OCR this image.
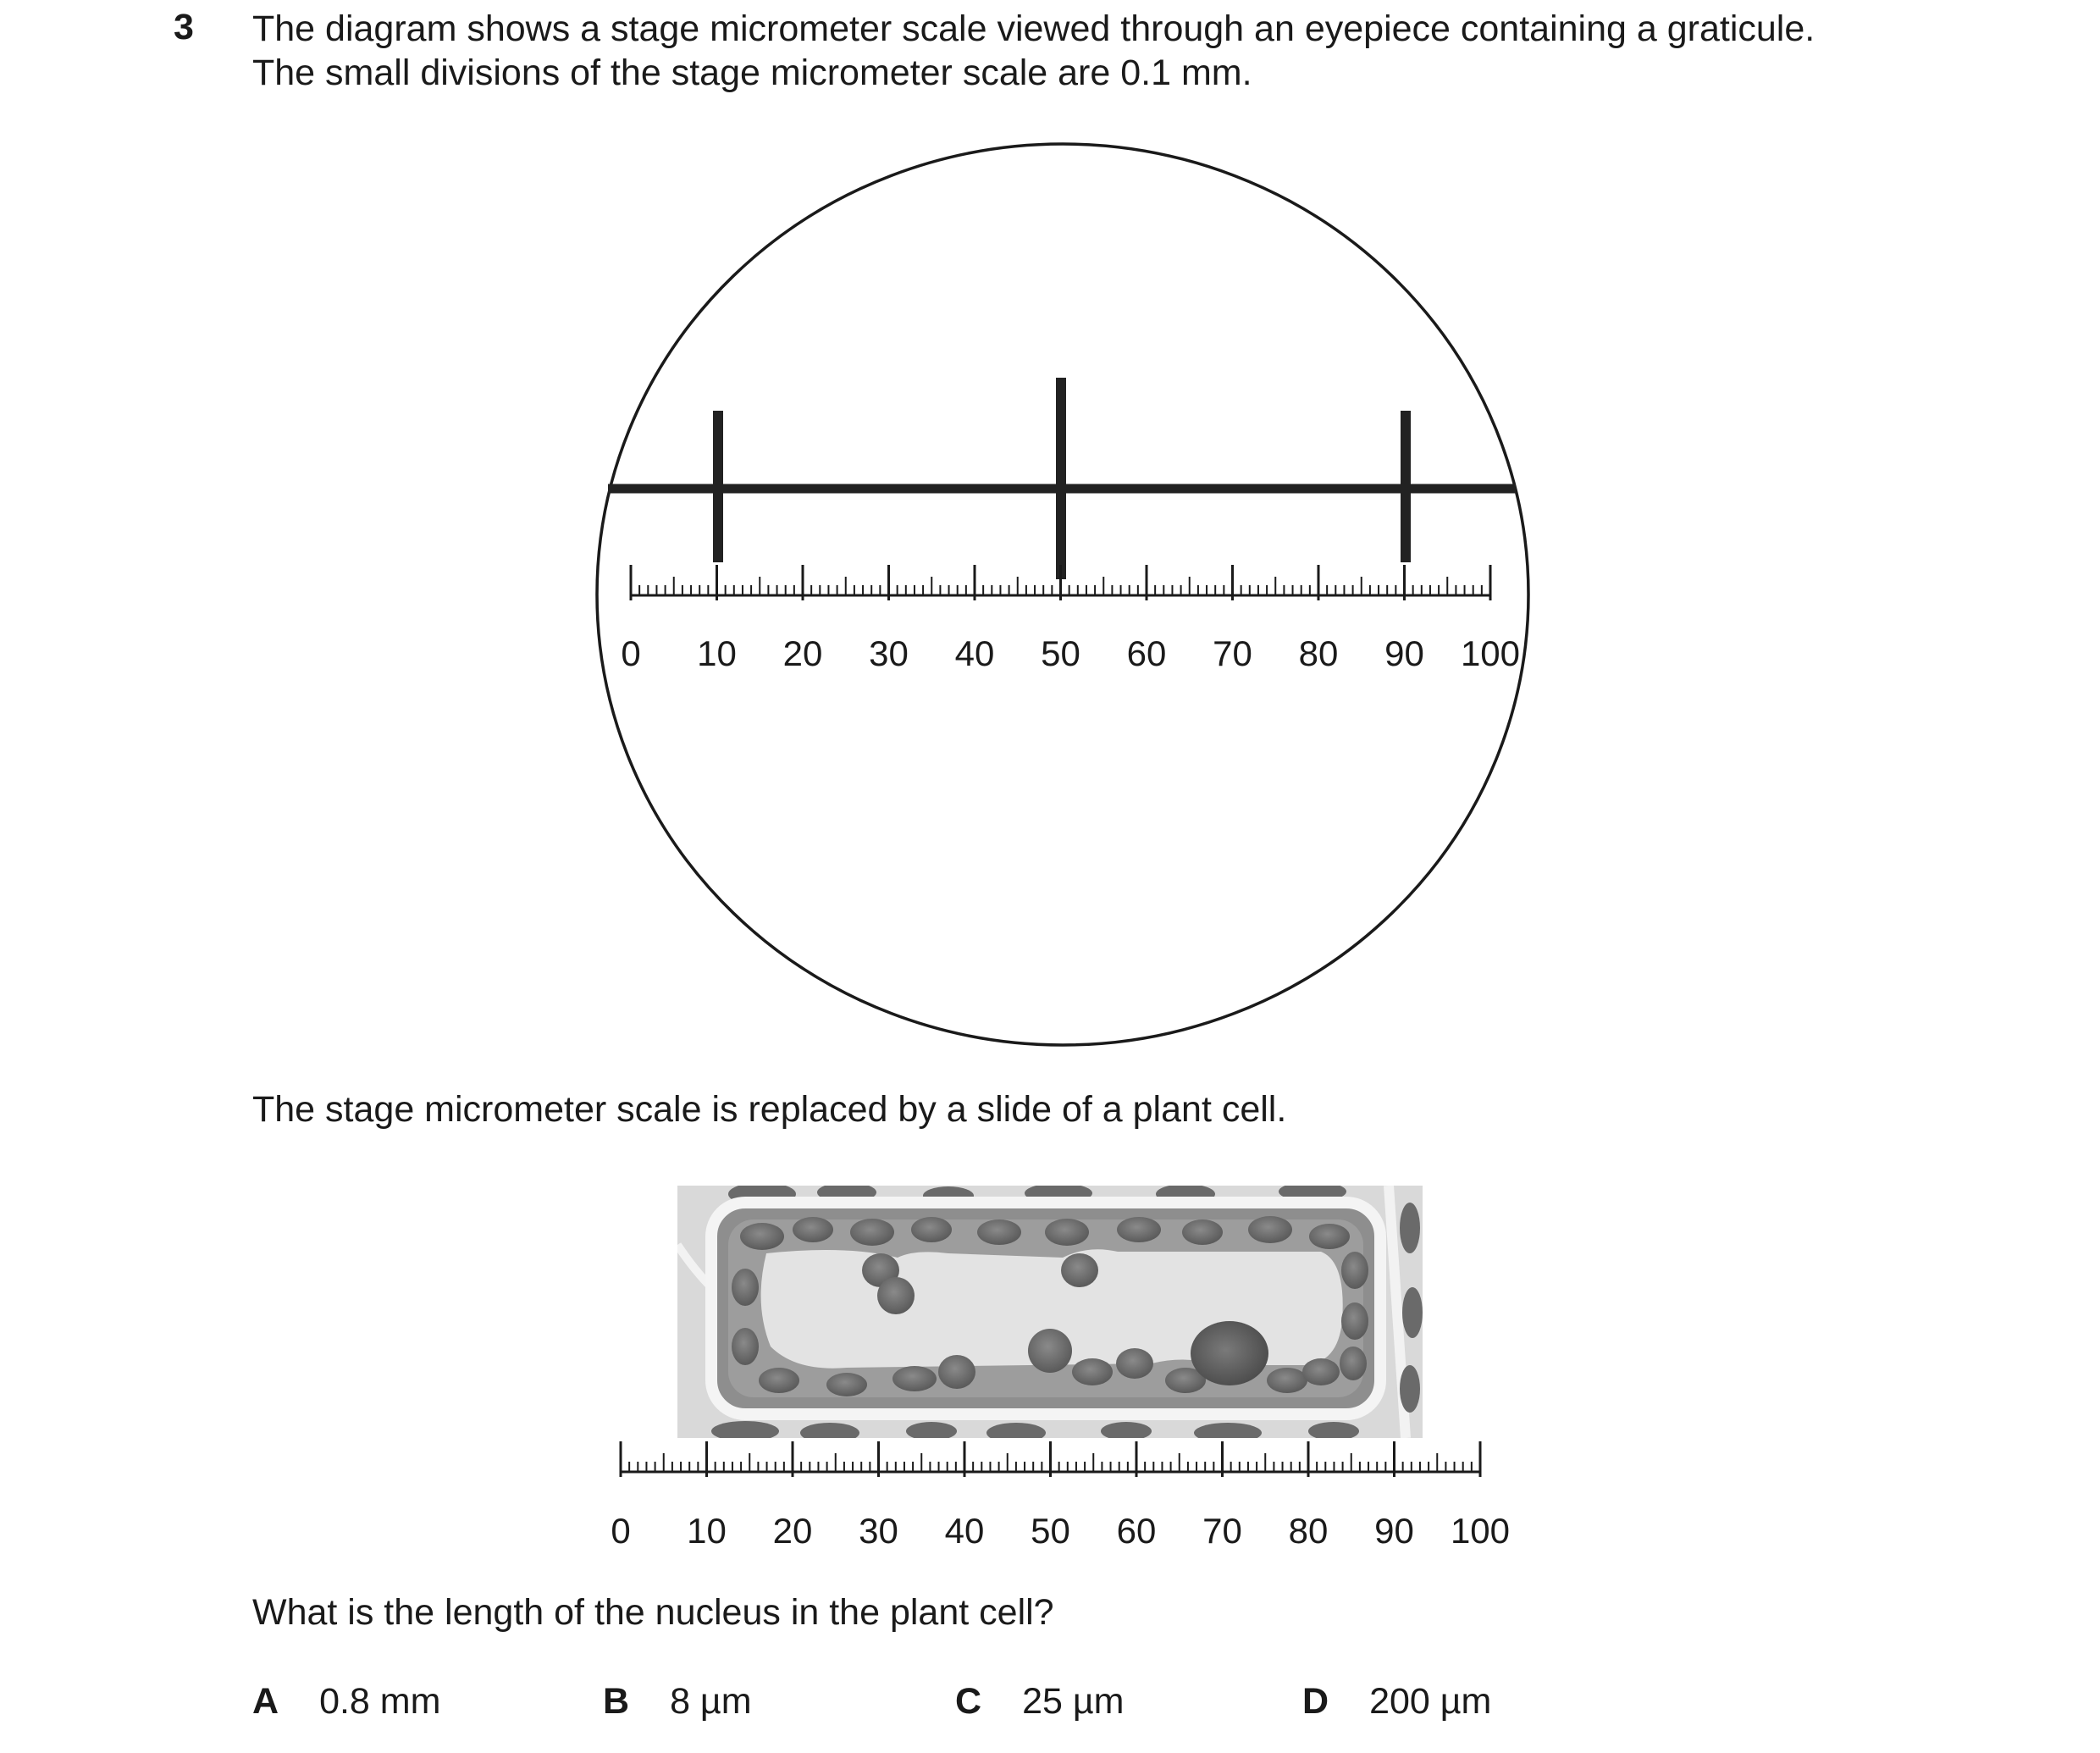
3 The diagram shows a stage micrometer scale viewed through an eyepiece containing a graticule.
The small divisions of the stage micrometer scale are 0.1 mm.
0 10 20 30 40 50 60 70 80 90 100
0 10 20 30 40 50 60 70 80 90 100
The stage micrometer scale is replaced by a slide of a plant cell.
What is the length of the nucleus in the plant cell?
A 0.8 mm	B 8 µm	C 25 µm	D 200 µm
